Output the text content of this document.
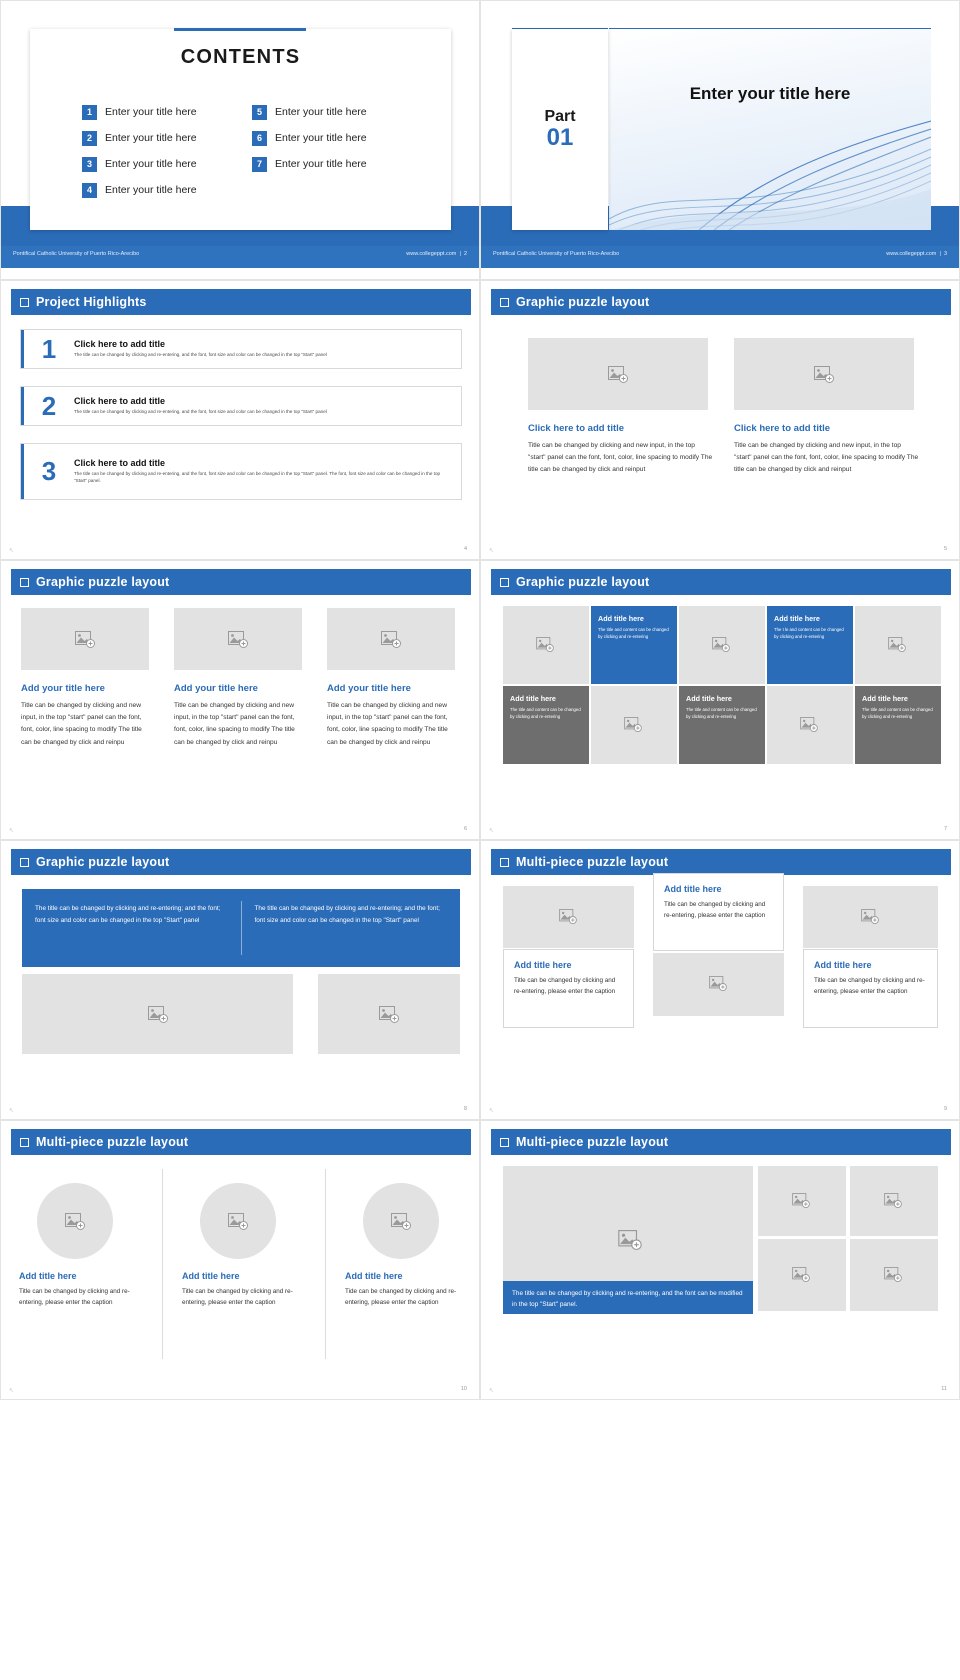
CONTENTS
1	Enter your title here	5	Enter your title here
2	Enter your title here	6	Enter your title here
3	Enter your title here	7	Enter your title here
4	Enter your title here
Pontifical Catholic University of Puerto Rico-Arecibo	www.collegeppt.com  |  2
Enter your title here
Part
01
Pontifical Catholic University of Puerto Rico-Arecibo	www.collegeppt.com  |  3
Project Highlights
1	Click here to add title
The title can be changed by clicking and re-entering, and the font, font size and color can be changed in the top "Start" panel
2	Click here to add title
The title can be changed by clicking and re-entering, and the font, font size and color can be changed in the top "Start" panel
3	Click here to add title
The title can be changed by clicking and re-entering, and the font, font size and color can be changed in the top "Start" panel. The font, font size and color can be changed in the top "Start" panel.
↖	4
Graphic puzzle layout
Click here to add title
Title can be changed by clicking and new input, in the top "start" panel can the font, font, color, line spacing to modify The title can be changed by click and reinput
Click here to add title
Title can be changed by clicking and new input, in the top "start" panel can the font, font, color, line spacing to modify The title can be changed by click and reinput
↖	5
Graphic puzzle layout
Add your title here
Title can be changed by clicking and new input, in the top "start" panel can the font, font, color, line spacing to modify The title can be changed by click and reinpu
Add your title here
Title can be changed by clicking and new input, in the top "start" panel can the font, font, color, line spacing to modify The title can be changed by click and reinpu
Add your title here
Title can be changed by clicking and new input, in the top "start" panel can the font, font, color, line spacing to modify The title can be changed by click and reinpu
↖	6
Graphic puzzle layout
Add title here
The title and content can be changed by clicking and re-entering
Add title here
The t le and content can be changed by clicking and re-entering
Add title here
The title and content can be changed by clicking and re-entering
Add title here
The title and content can be changed by clicking and re-entering
Add title here
The title and content can be changed by clicking and re-entering
↖	7
Graphic puzzle layout
The title can be changed by clicking and re-entering; and the font; font size and color can be changed in the top "Start" panel
The title can be changed by clicking and re-entering; and the font; font size and color can be changed in the top "Start" panel
↖	8
Multi-piece puzzle layout
Add title here
Title can be changed by clicking and re-entering, please enter the caption
Add title here
Title can be changed by clicking and re-entering, please enter the caption
Add title here
Title can be changed by clicking and re-entering, please enter the caption
↖	9
Multi-piece puzzle layout
Add title here
Title can be changed by clicking and re-entering, please enter the caption
Add title here
Title can be changed by clicking and re-entering, please enter the caption
Add title here
Tide can be changed by clicking and re-entering, please enter the caption
↖	10
Multi-piece puzzle layout
The title can be changed by clicking and re-entering, and the font can be modified in the top "Start" panel.
↖	11
